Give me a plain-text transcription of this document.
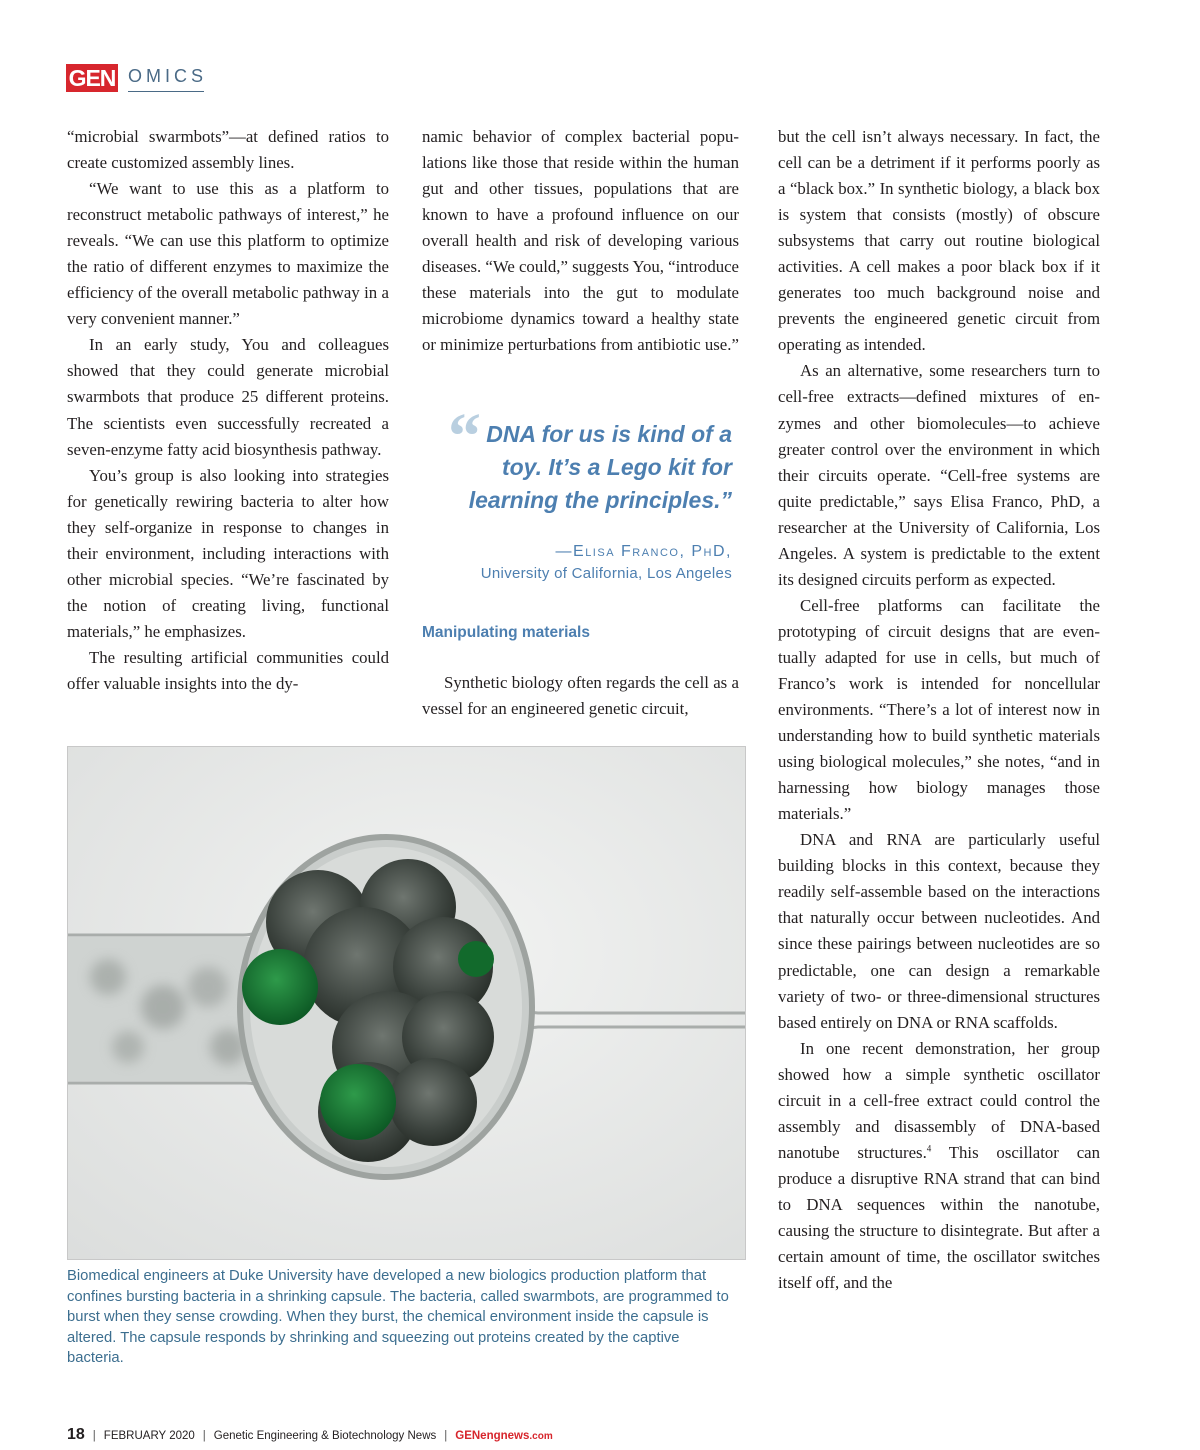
GEN OMICS

“microbial swarmbots”—at defined ratios to create customized assembly lines.

“We want to use this as a platform to reconstruct metabolic pathways of interest,” he reveals. “We can use this platform to optimize the ratio of different enzymes to maximize the efficiency of the overall metabolic pathway in a very convenient manner.”

In an early study, You and colleagues showed that they could generate microbial swarmbots that produce 25 different proteins. The scientists even successfully recreated a seven-enzyme fatty acid biosynthesis pathway.

You’s group is also looking into strategies for genetically rewiring bacteria to alter how they self-organize in response to changes in their environment, including interactions with other microbial species. “We’re fascinated by the notion of creating living, functional materials,” he emphasizes.

The resulting artificial communities could offer valuable insights into the dy-

namic behavior of complex bacterial populations like those that reside within the human gut and other tissues, populations that are known to have a profound influence on our overall health and risk of developing various diseases. “We could,” suggests You, “introduce these materials into the gut to modulate microbiome dynamics toward a healthy state or minimize perturbations from antibiotic use.”

“ DNA for us is kind of a toy. It’s a Lego kit for learning the principles.”
—Elisa Franco, PhD,
University of California, Los Angeles
Manipulating materials

Synthetic biology often regards the cell as a vessel for an engineered genetic circuit,

but the cell isn’t always necessary. In fact, the cell can be a detriment if it performs poorly as a “black box.” In synthetic biology, a black box is system that consists (mostly) of obscure subsystems that carry out routine biological activities. A cell makes a poor black box if it generates too much background noise and prevents the engineered genetic circuit from operating as intended.

As an alternative, some researchers turn to cell-free extracts—defined mixtures of enzymes and other biomolecules—to achieve greater control over the environment in which their circuits operate. “Cell-free systems are quite predictable,” says Elisa Franco, PhD, a researcher at the University of California, Los Angeles. A system is predictable to the extent its designed circuits perform as expected.

Cell-free platforms can facilitate the prototyping of circuit designs that are eventually adapted for use in cells, but much of Franco’s work is intended for noncellular environments. “There’s a lot of interest now in understanding how to build synthetic materials using biological molecules,” she notes, “and in harnessing how biology manages those materials.”

DNA and RNA are particularly useful building blocks in this context, because they readily self-assemble based on the interactions that naturally occur between nucleotides. And since these pairings between nucleotides are so predictable, one can design a remarkable variety of two- or three-dimensional structures based entirely on DNA or RNA scaffolds.

In one recent demonstration, her group showed how a simple synthetic oscillator circuit in a cell-free extract could control the assembly and disassembly of DNA-based nanotube structures.$^4$ This oscillator can produce a disruptive RNA strand that can bind to DNA sequences within the nanotube, causing the structure to disintegrate. But after a certain amount of time, the oscillator switches itself off, and the

Biomedical engineers at Duke University have developed a new biologics production platform that confines bursting bacteria in a shrinking capsule. The bacteria, called swarmbots, are programmed to burst when they sense crowding. When they burst, the chemical environment inside the capsule is altered. The capsule responds by shrinking and squeezing out proteins created by the captive bacteria.
18 | FEBRUARY 2020 | Genetic Engineering & Biotechnology News | GENengnews.com
